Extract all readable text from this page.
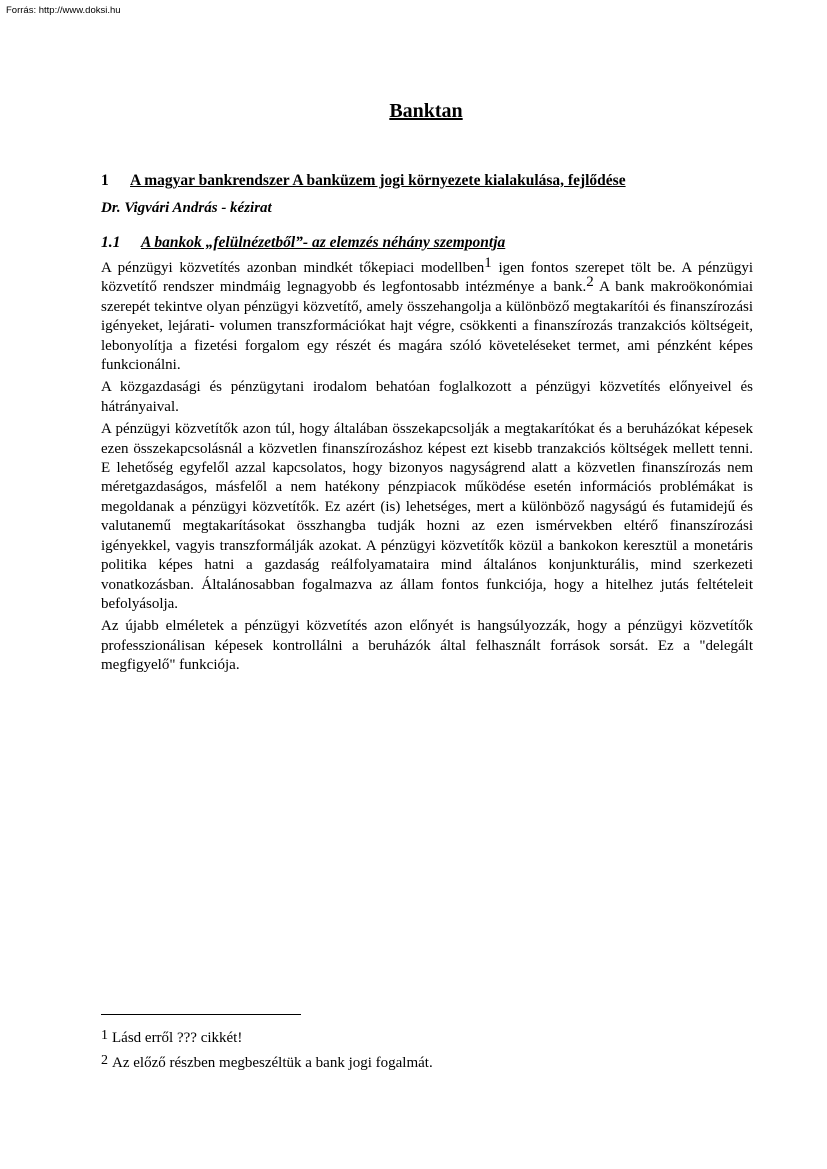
Forrás: http://www.doksi.hu
Banktan
1 A magyar bankrendszer A banküzem jogi környezete kialakulása, fejlődése
Dr. Vigvári András - kézirat
1.1 A bankok „felülnézetből”- az elemzés néhány szempontja

A pénzügyi közvetítés azonban mindkét tőkepiaci modellben$^1$ igen fontos szerepet tölt be. A pénzügyi közvetítő rendszer mindmáig legnagyobb és legfontosabb intézménye a bank.$^2$ A bank makroökonómiai szerepét tekintve olyan pénzügyi közvetítő, amely összehangolja a különböző megtakarítói és finanszírozási igényeket, lejárati- volumen transzformációkat hajt végre, csökkenti a finanszírozás tranzakciós költségeit, lebonyolítja a fizetési forgalom egy részét és magára szóló követeléseket termet, ami pénzként képes funkcionálni.

A közgazdasági és pénzügytani irodalom behatóan foglalkozott a pénzügyi közvetítés előnyeivel és hátrányaival.

A pénzügyi közvetítők azon túl, hogy általában összekapcsolják a megtakarítókat és a beruházókat képesek ezen összekapcsolásnál a közvetlen finanszírozáshoz képest ezt kisebb tranzakciós költségek mellett tenni. E lehetőség egyfelől azzal kapcsolatos, hogy bizonyos nagyságrend alatt a közvetlen finanszírozás nem méretgazdaságos, másfelől a nem hatékony pénzpiacok működése esetén információs problémákat is megoldanak a pénzügyi közvetítők. Ez azért (is) lehetséges, mert a különböző nagyságú és futamidejű és valutanemű megtakarításokat összhangba tudják hozni az ezen ismérvekben eltérő finanszírozási igényekkel, vagyis transzformálják azokat. A pénzügyi közvetítők közül a bankokon keresztül a monetáris politika képes hatni a gazdaság reálfolyamataira mind általános konjunkturális, mind szerkezeti vonatkozásban. Általánosabban fogalmazva az állam fontos funkciója, hogy a hitelhez jutás feltételeit befolyásolja.

Az újabb elméletek a pénzügyi közvetítés azon előnyét is hangsúlyozzák, hogy a pénzügyi közvetítők professzionálisan képesek kontrollálni a beruházók által felhasznált források sorsát. Ez a "delegált megfigyelő" funkciója.

1 Lásd erről ??? cikkét!
2 Az előző részben megbeszéltük a bank jogi fogalmát.
